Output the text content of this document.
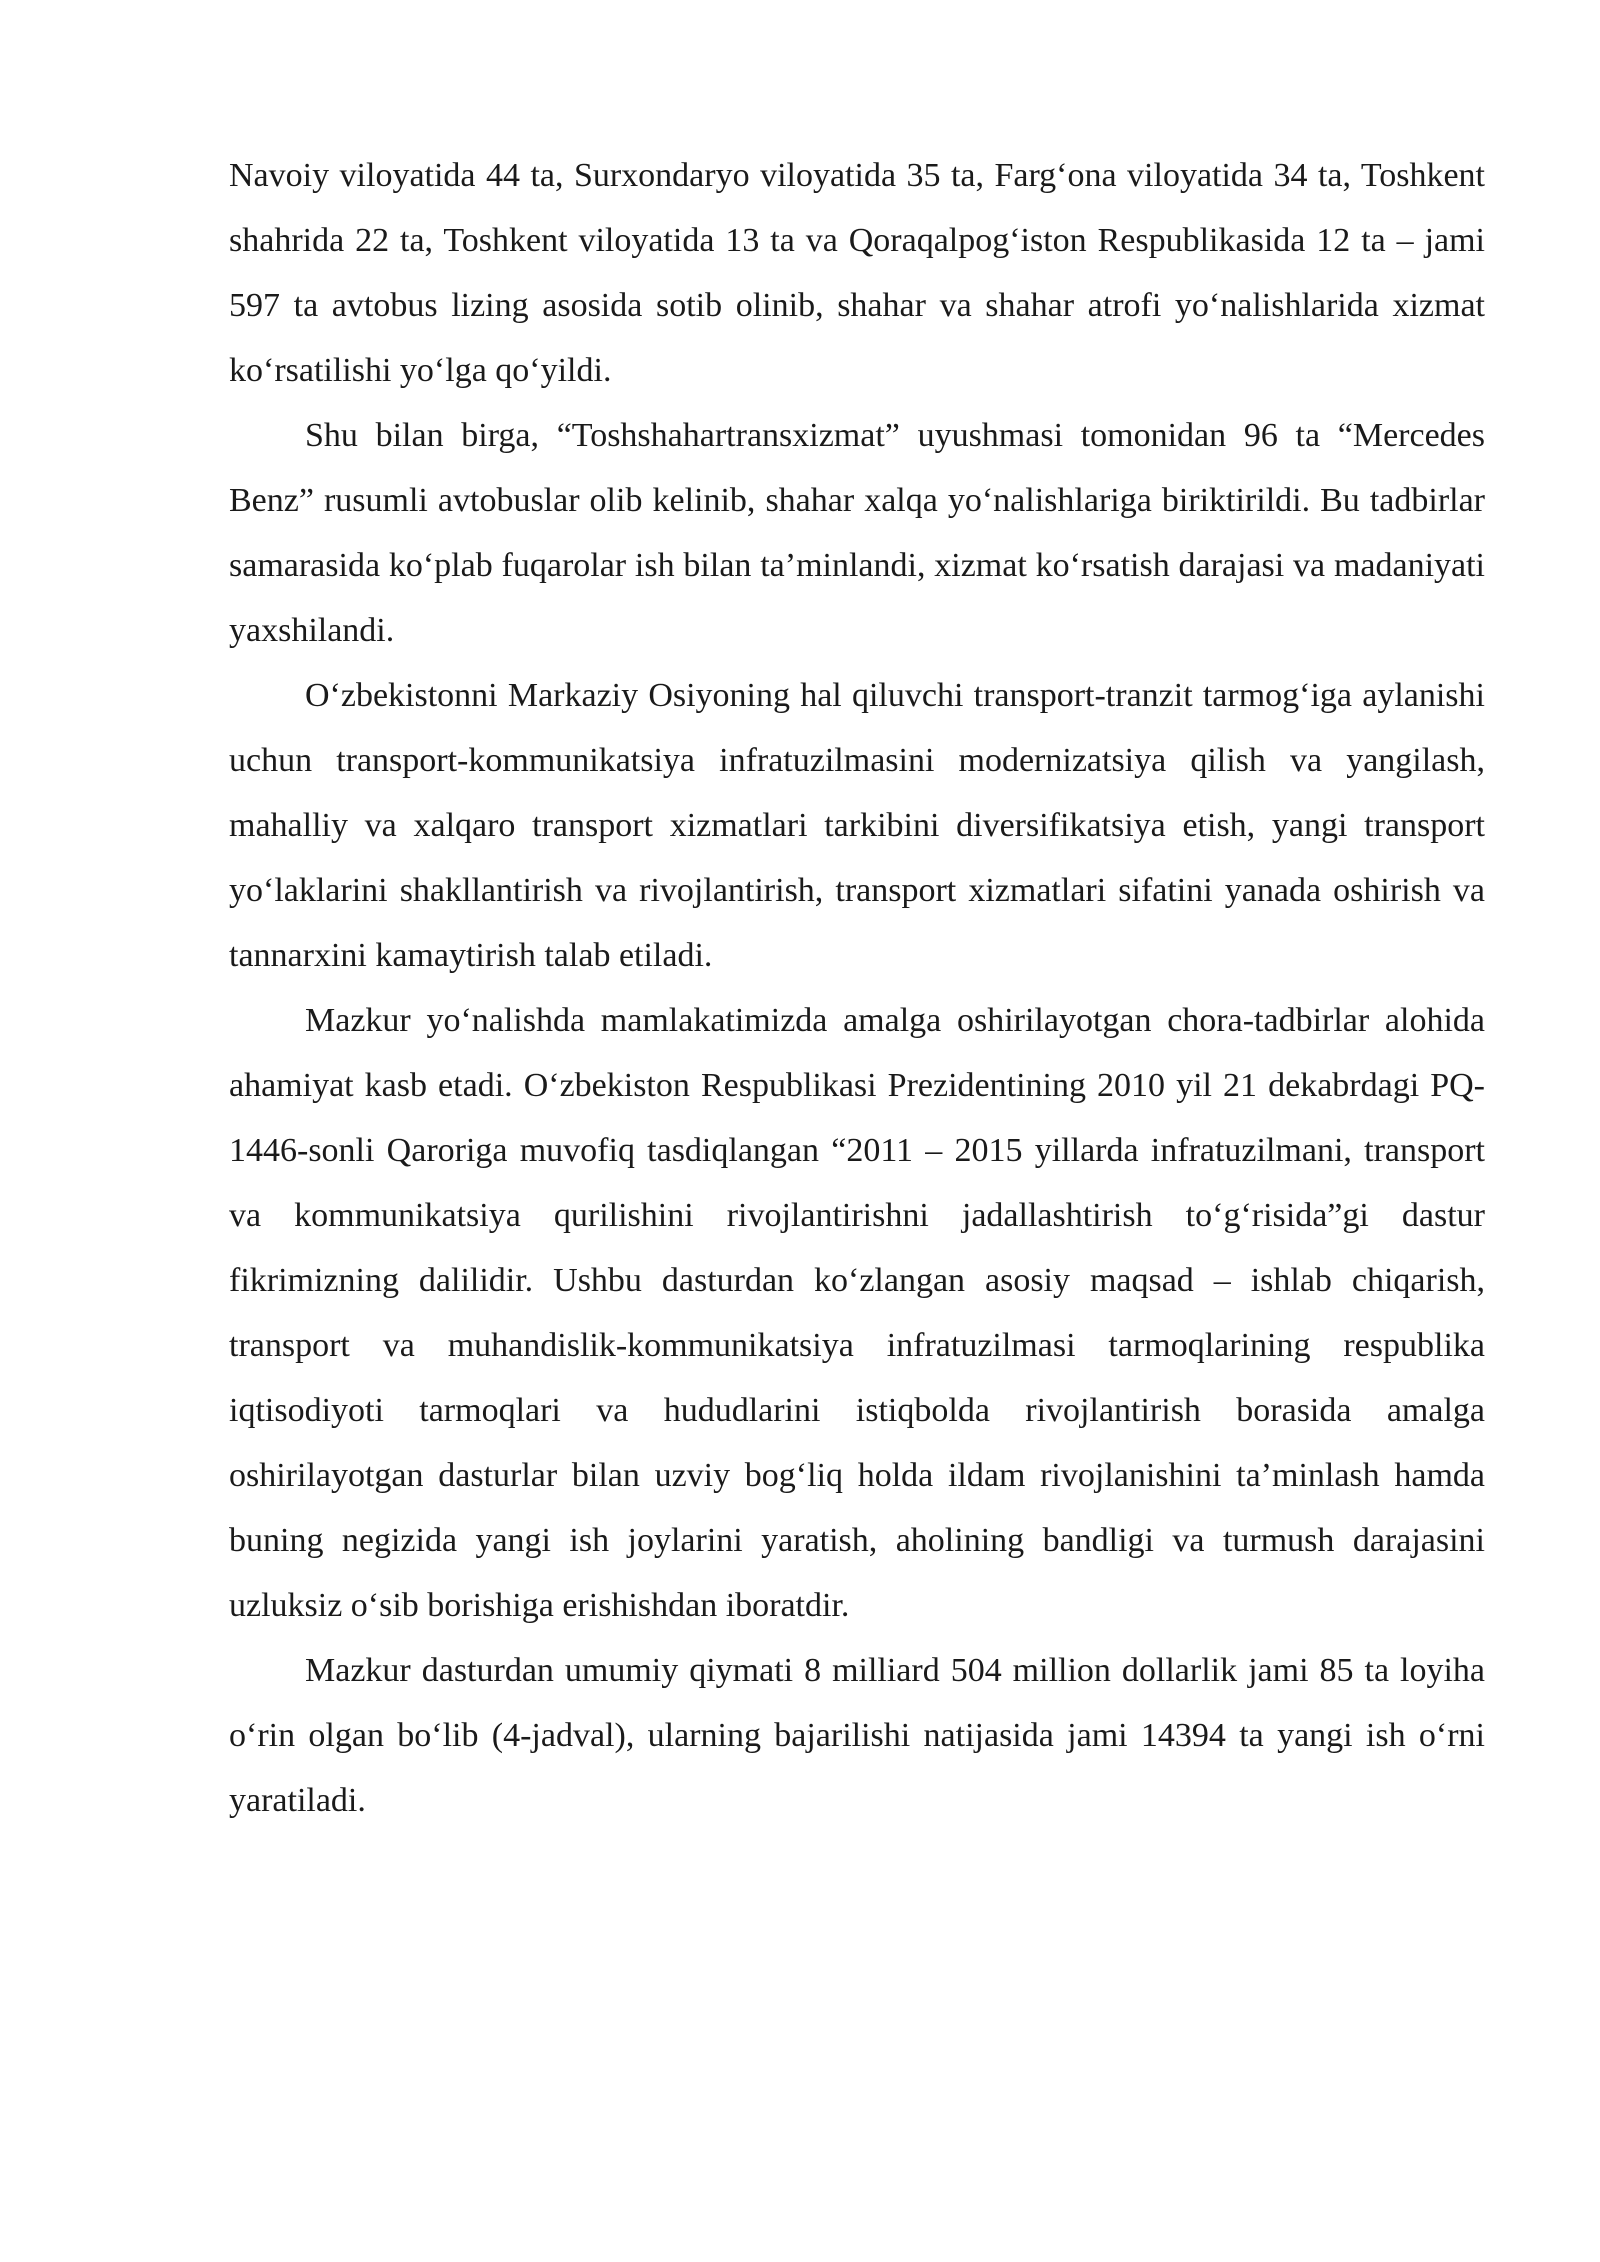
Navoiy viloyatida 44 ta, Surxondaryo viloyatida 35 ta, Farg‘ona viloyatida 34 ta, Toshkent shahrida 22 ta, Toshkent viloyatida 13 ta va Qoraqalpog‘iston Respublikasida 12 ta – jami 597 ta avtobus lizing asosida sotib olinib, shahar va shahar atrofi yo‘nalishlarida xizmat ko‘rsatilishi yo‘lga qo‘yildi.

Shu bilan birga, “Toshshahartransxizmat” uyushmasi tomonidan 96 ta “Mercedes Benz” rusumli avtobuslar olib kelinib, shahar xalqa yo‘nalishlariga biriktirildi. Bu tadbirlar samarasida ko‘plab fuqarolar ish bilan ta’minlandi, xizmat ko‘rsatish darajasi va madaniyati yaxshilandi.

O‘zbekistonni Markaziy Osiyoning hal qiluvchi transport-tranzit tarmog‘iga aylanishi uchun transport-kommunikatsiya infratuzilmasini modernizatsiya qilish va yangilash, mahalliy va xalqaro transport xizmatlari tarkibini diversifikatsiya etish, yangi transport yo‘laklarini shakllantirish va rivojlantirish, transport xizmatlari sifatini yanada oshirish va tannarxini kamaytirish talab etiladi.

Mazkur yo‘nalishda mamlakatimizda amalga oshirilayotgan chora-tadbirlar alohida ahamiyat kasb etadi. O‘zbekiston Respublikasi Prezidentining 2010 yil 21 dekabrdagi PQ-1446-sonli Qaroriga muvofiq tasdiqlangan “2011 – 2015 yillarda infratuzilmani, transport va kommunikatsiya qurilishini rivojlantirishni jadallashtirish to‘g‘risida”gi dastur fikrimizning dalilidir. Ushbu dasturdan ko‘zlangan asosiy maqsad – ishlab chiqarish, transport va muhandislik-kommunikatsiya infratuzilmasi tarmoqlarining respublika iqtisodiyoti tarmoqlari va hududlarini istiqbolda rivojlantirish borasida amalga oshirilayotgan dasturlar bilan uzviy bog‘liq holda ildam rivojlanishini ta’minlash hamda buning negizida yangi ish joylarini yaratish, aholining bandligi va turmush darajasini uzluksiz o‘sib borishiga erishishdan iboratdir.

Mazkur dasturdan umumiy qiymati 8 milliard 504 million dollarlik jami 85 ta loyiha o‘rin olgan bo‘lib (4-jadval), ularning bajarilishi natijasida jami 14394 ta yangi ish o‘rni yaratiladi.
